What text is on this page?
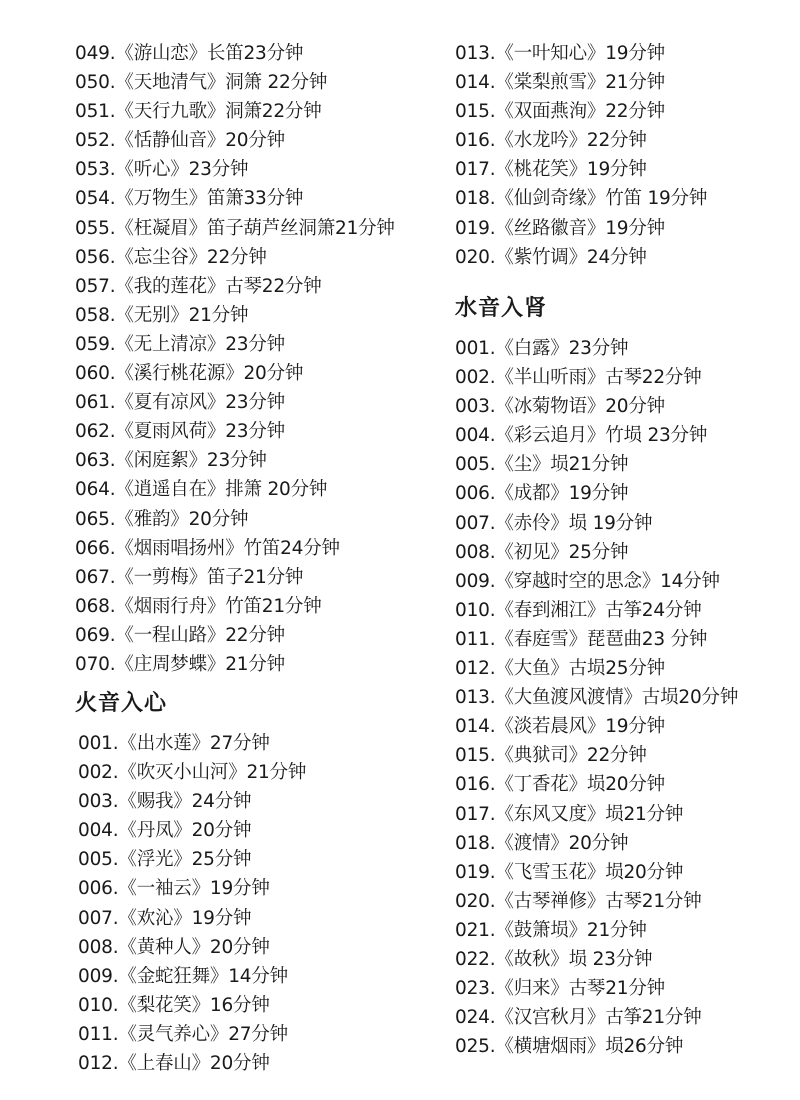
049.《游山恋》长笛23分钟
050.《天地清气》洞箫 22分钟
051.《天行九歌》洞箫22分钟
052.《恬静仙音》20分钟
053.《听心》23分钟
054.《万物生》笛箫33分钟
055.《枉凝眉》笛子葫芦丝洞箫21分钟
056.《忘尘谷》22分钟
057.《我的莲花》古琴22分钟
058.《无别》21分钟
059.《无上清凉》23分钟
060.《溪行桃花源》20分钟
061.《夏有凉风》23分钟
062.《夏雨风荷》23分钟
063.《闲庭絮》23分钟
064.《逍遥自在》排箫 20分钟
065.《雅韵》20分钟
066.《烟雨唱扬州》竹笛24分钟
067.《一剪梅》笛子21分钟
068.《烟雨行舟》竹笛21分钟
069.《一程山路》22分钟
070.《庄周梦蝶》21分钟
火音入心
001.《出水莲》27分钟
002.《吹灭小山河》21分钟
003.《赐我》24分钟
004.《丹凤》20分钟
005.《浮光》25分钟
006.《一袖云》19分钟
007.《欢沁》19分钟
008.《黄种人》20分钟
009.《金蛇狂舞》14分钟
010.《梨花笑》16分钟
011.《灵气养心》27分钟
012.《上春山》20分钟
013.《一叶知心》19分钟
014.《棠梨煎雪》21分钟
015.《双面燕洵》22分钟
016.《水龙吟》22分钟
017.《桃花笑》19分钟
018.《仙剑奇缘》竹笛 19分钟
019.《丝路徽音》19分钟
020.《紫竹调》24分钟
水音入肾
001.《白露》23分钟
002.《半山听雨》古琴22分钟
003.《冰菊物语》20分钟
004.《彩云追月》竹埙 23分钟
005.《尘》埙21分钟
006.《成都》19分钟
007.《赤伶》埙 19分钟
008.《初见》25分钟
009.《穿越时空的思念》14分钟
010.《春到湘江》古筝24分钟
011.《春庭雪》琵琶曲23 分钟
012.《大鱼》古埙25分钟
013.《大鱼渡风渡情》古埙20分钟
014.《淡若晨风》19分钟
015.《典狱司》22分钟
016.《丁香花》埙20分钟
017.《东风又度》埙21分钟
018.《渡情》20分钟
019.《飞雪玉花》埙20分钟
020.《古琴禅修》古琴21分钟
021.《鼓箫埙》21分钟
022.《故秋》埙 23分钟
023.《归来》古琴21分钟
024.《汉宫秋月》古筝21分钟
025.《横塘烟雨》埙26分钟
